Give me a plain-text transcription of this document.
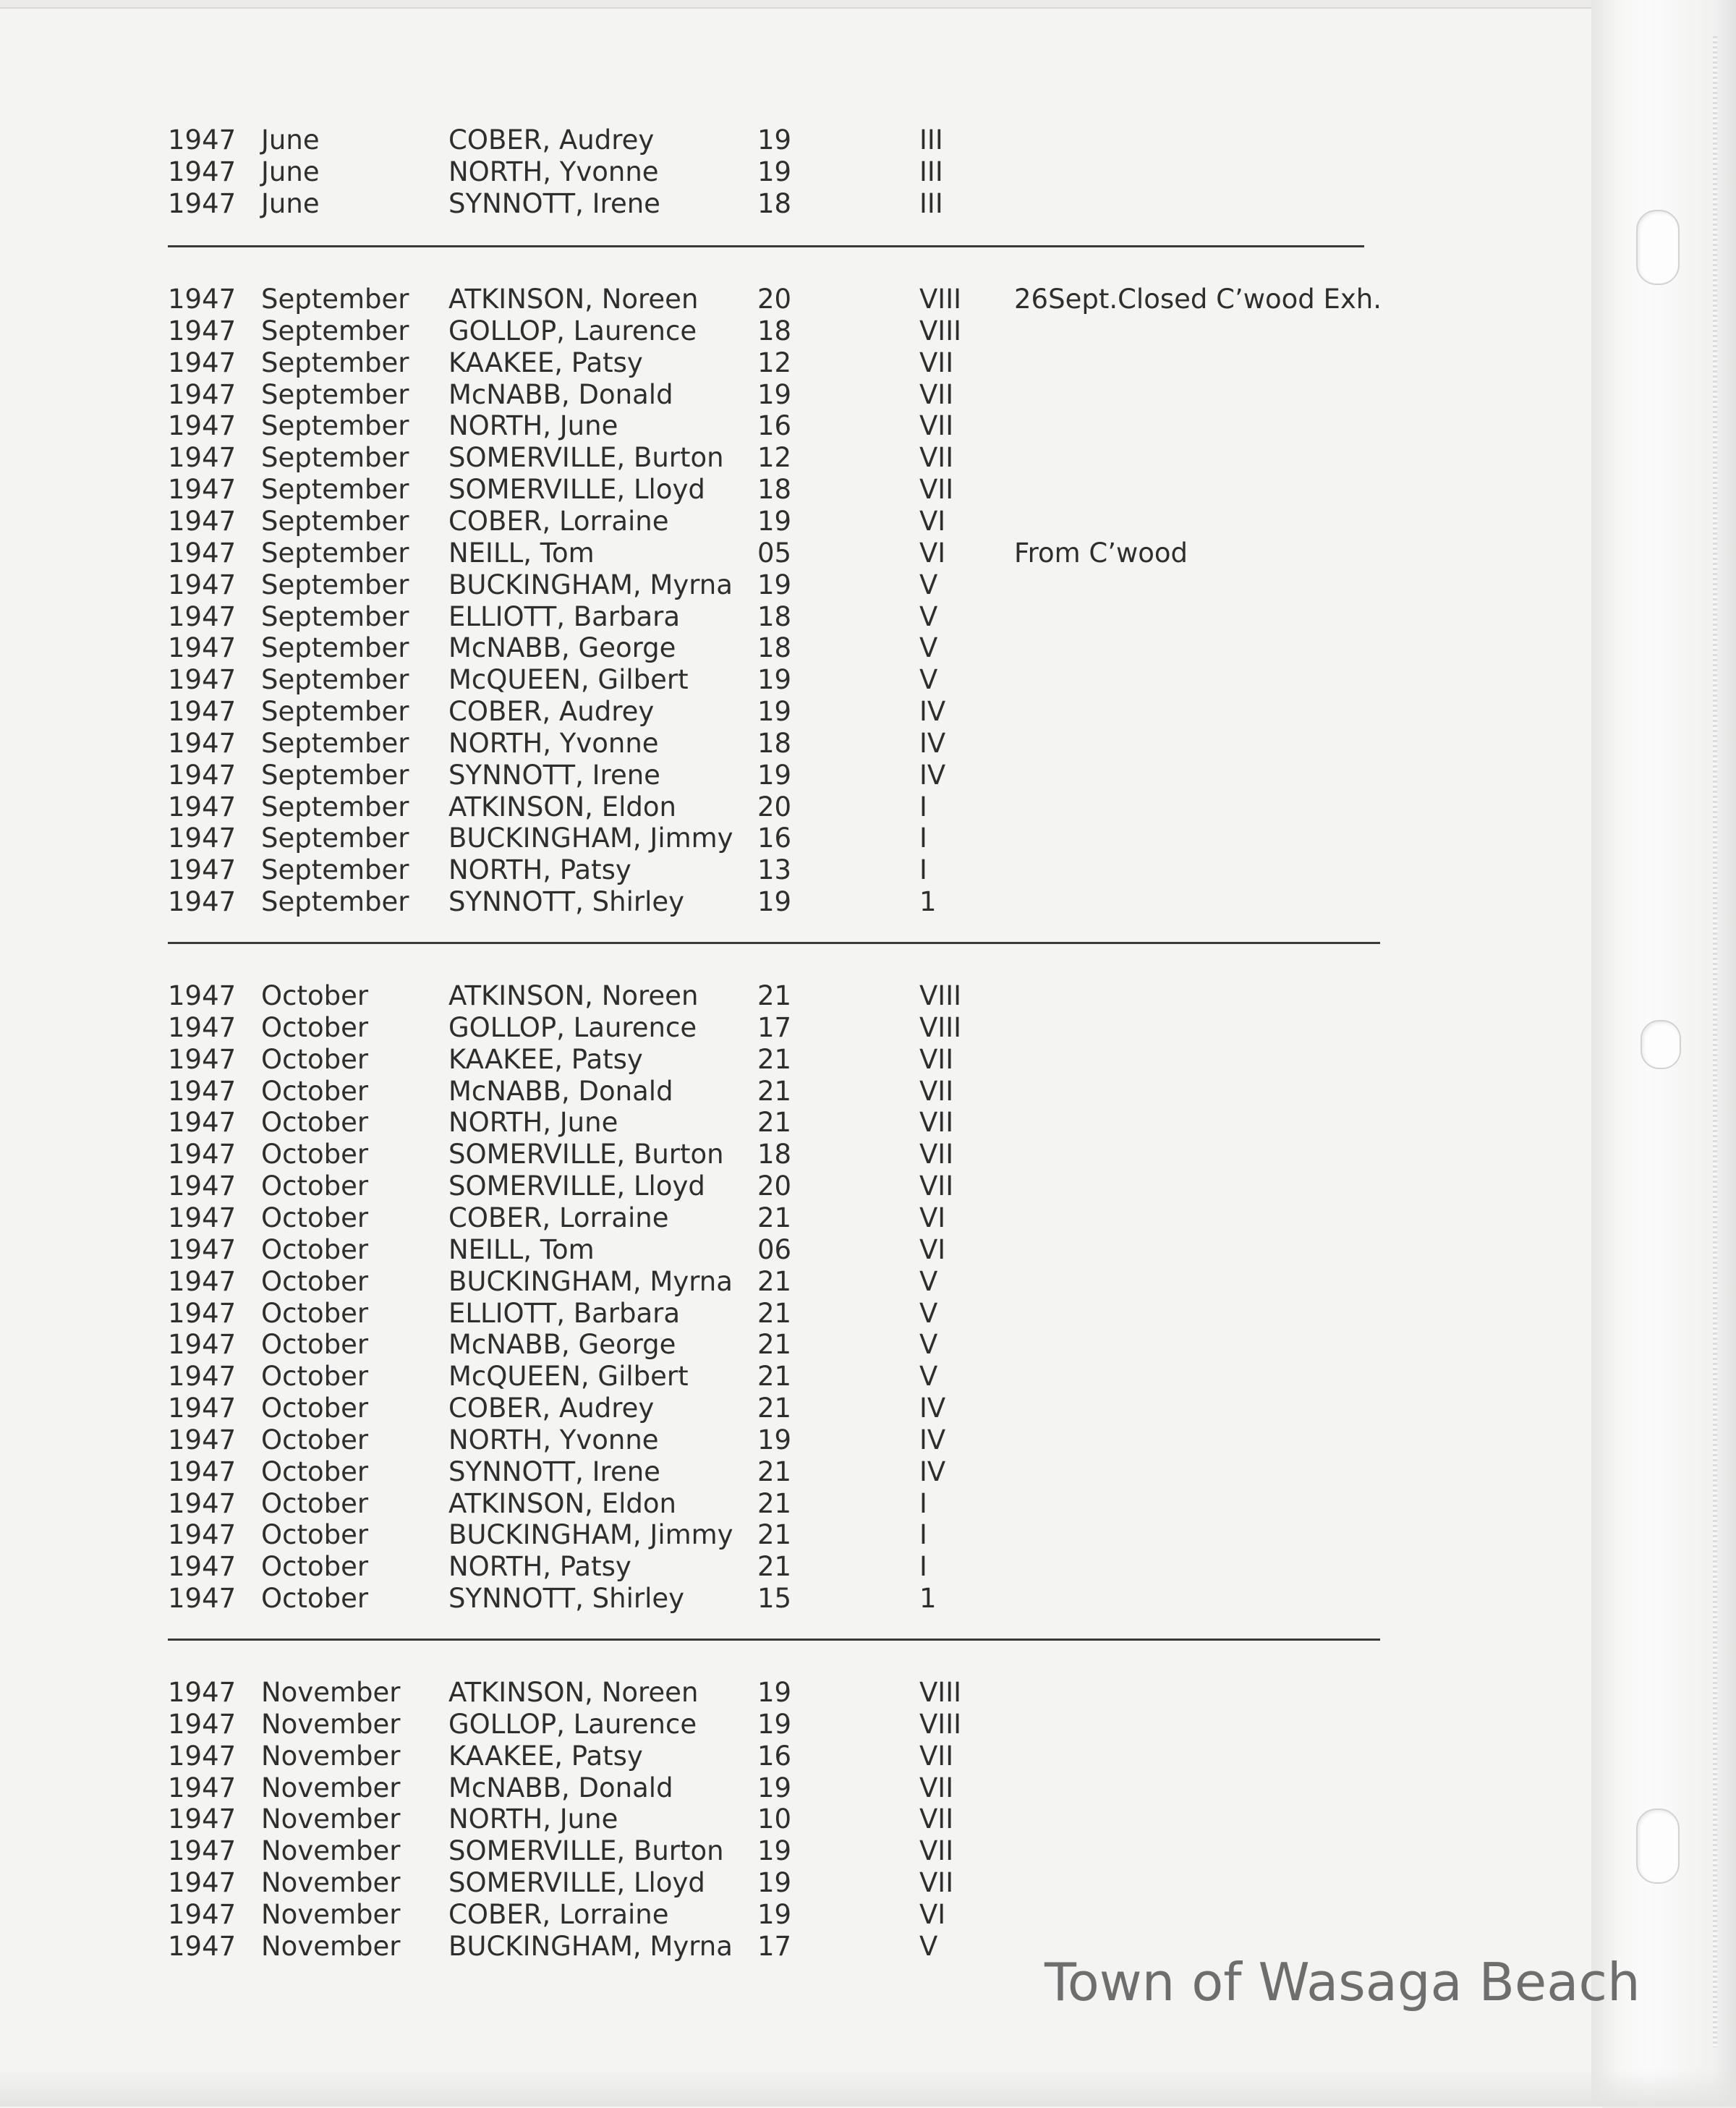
1947 June	COBER, Audrey	19	III
1947 June	NORTH, Yvonne	19	III
1947 June	SYNNOTT, Irene	18	III
1947 September ATKINSON, Noreen 20	VIII 26Sept.Closed C’wood Exh.
1947 September GOLLOP, Laurence 18	VIII
1947 September KAAKEE, Patsy	12	VII
1947 September McNABB, Donald	19	VII
1947 September NORTH, June	16	VII
1947 September SOMERVILLE, Burton 12	VII
1947 September SOMERVILLE, Lloyd 18	VII
1947 September COBER, Lorraine	19	VI
1947 September NEILL, Tom	05	VI	From C’wood
1947 September BUCKINGHAM, Myrna 19	V
1947 September ELLIOTT, Barbara	18	V
1947 September McNABB, George	18	V
1947 September McQUEEN, Gilbert	19	V
1947 September COBER, Audrey	19	IV
1947 September NORTH, Yvonne	18	IV
1947 September SYNNOTT, Irene	19	IV
1947 September ATKINSON, Eldon	20	I
1947 September BUCKINGHAM, Jimmy 16	I
1947 September NORTH, Patsy	13	I
1947 September SYNNOTT, Shirley	19	1
1947 October	ATKINSON, Noreen 21	VIII
1947 October	GOLLOP, Laurence 17	VIII
1947 October	KAAKEE, Patsy	21	VII
1947 October	McNABB, Donald	21	VII
1947 October	NORTH, June	21	VII
1947 October	SOMERVILLE, Burton 18	VII
1947 October	SOMERVILLE, Lloyd 20	VII
1947 October	COBER, Lorraine	21	VI
1947 October	NEILL, Tom	06	VI
1947 October	BUCKINGHAM, Myrna 21	V
1947 October	ELLIOTT, Barbara	21	V
1947 October	McNABB, George	21	V
1947 October	McQUEEN, Gilbert	21	V
1947 October	COBER, Audrey	21	IV
1947 October	NORTH, Yvonne	19	IV
1947 October	SYNNOTT, Irene	21	IV
1947 October	ATKINSON, Eldon	21	I
1947 October	BUCKINGHAM, Jimmy 21	I
1947 October	NORTH, Patsy	21	I
1947 October	SYNNOTT, Shirley	15	1
1947 November ATKINSON, Noreen 19	VIII
1947 November GOLLOP, Laurence 19	VIII
1947 November KAAKEE, Patsy	16	VII
1947 November McNABB, Donald	19	VII
1947 November NORTH, June	10	VII
1947 November SOMERVILLE, Burton 19	VII
1947 November SOMERVILLE, Lloyd 19	VII
1947 November COBER, Lorraine	19	VI
1947 November BUCKINGHAM, Myrna 17	V
Town of Wasaga Beach
